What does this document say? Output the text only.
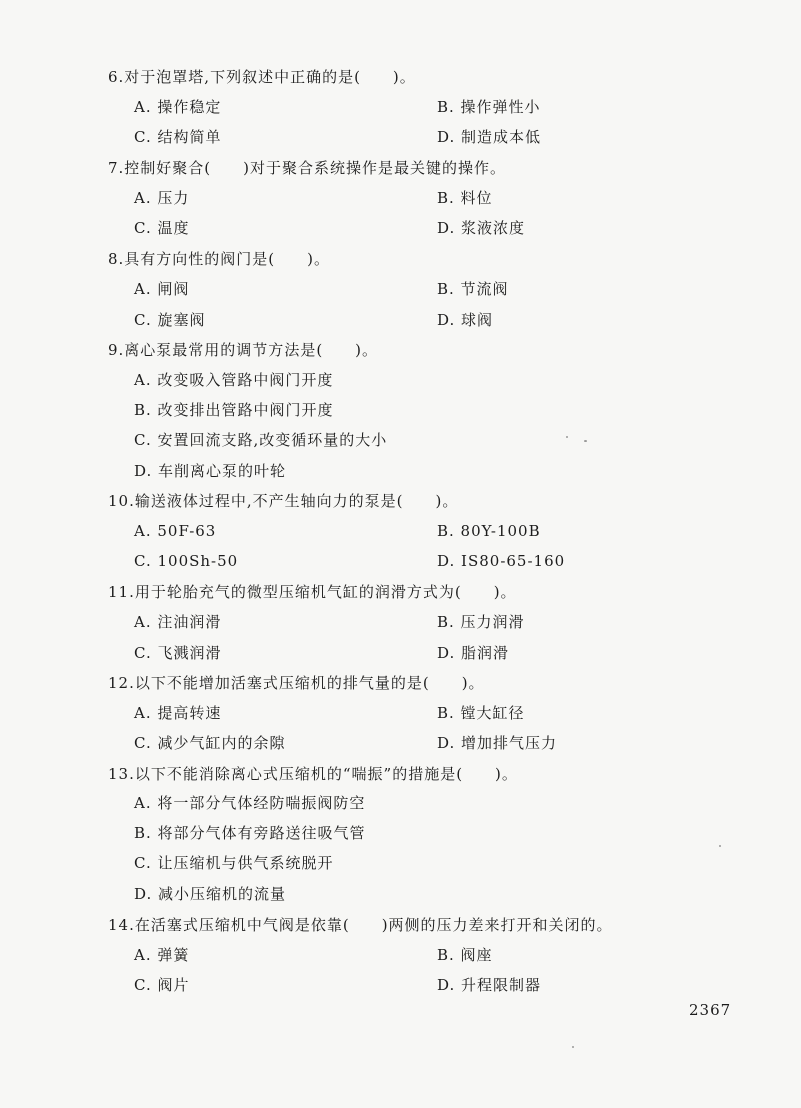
6.对于泡罩塔,下列叙述中正确的是(　　)。
A. 操作稳定	B. 操作弹性小
C. 结构简单	D. 制造成本低
7.控制好聚合(　　)对于聚合系统操作是最关键的操作。
A. 压力	B. 料位
C. 温度	D. 浆液浓度
8.具有方向性的阀门是(　　)。
A. 闸阀	B. 节流阀
C. 旋塞阀	D. 球阀
9.离心泵最常用的调节方法是(　　)。
A. 改变吸入管路中阀门开度
B. 改变排出管路中阀门开度
C. 安置回流支路,改变循环量的大小
D. 车削离心泵的叶轮
10.输送液体过程中,不产生轴向力的泵是(　　)。
A. 50F-63	B. 80Y-100B
C. 100Sh-50	D. IS80-65-160
11.用于轮胎充气的微型压缩机气缸的润滑方式为(　　)。
A. 注油润滑	B. 压力润滑
C. 飞溅润滑	D. 脂润滑
12.以下不能增加活塞式压缩机的排气量的是(　　)。
A. 提高转速	B. 镗大缸径
C. 减少气缸内的余隙	D. 增加排气压力
13.以下不能消除离心式压缩机的“喘振”的措施是(　　)。
A. 将一部分气体经防喘振阀防空
B. 将部分气体有旁路送往吸气管
C. 让压缩机与供气系统脱开
D. 减小压缩机的流量
14.在活塞式压缩机中气阀是依靠(　　)两侧的压力差来打开和关闭的。
A. 弹簧	B. 阀座
C. 阀片	D. 升程限制器
2367
